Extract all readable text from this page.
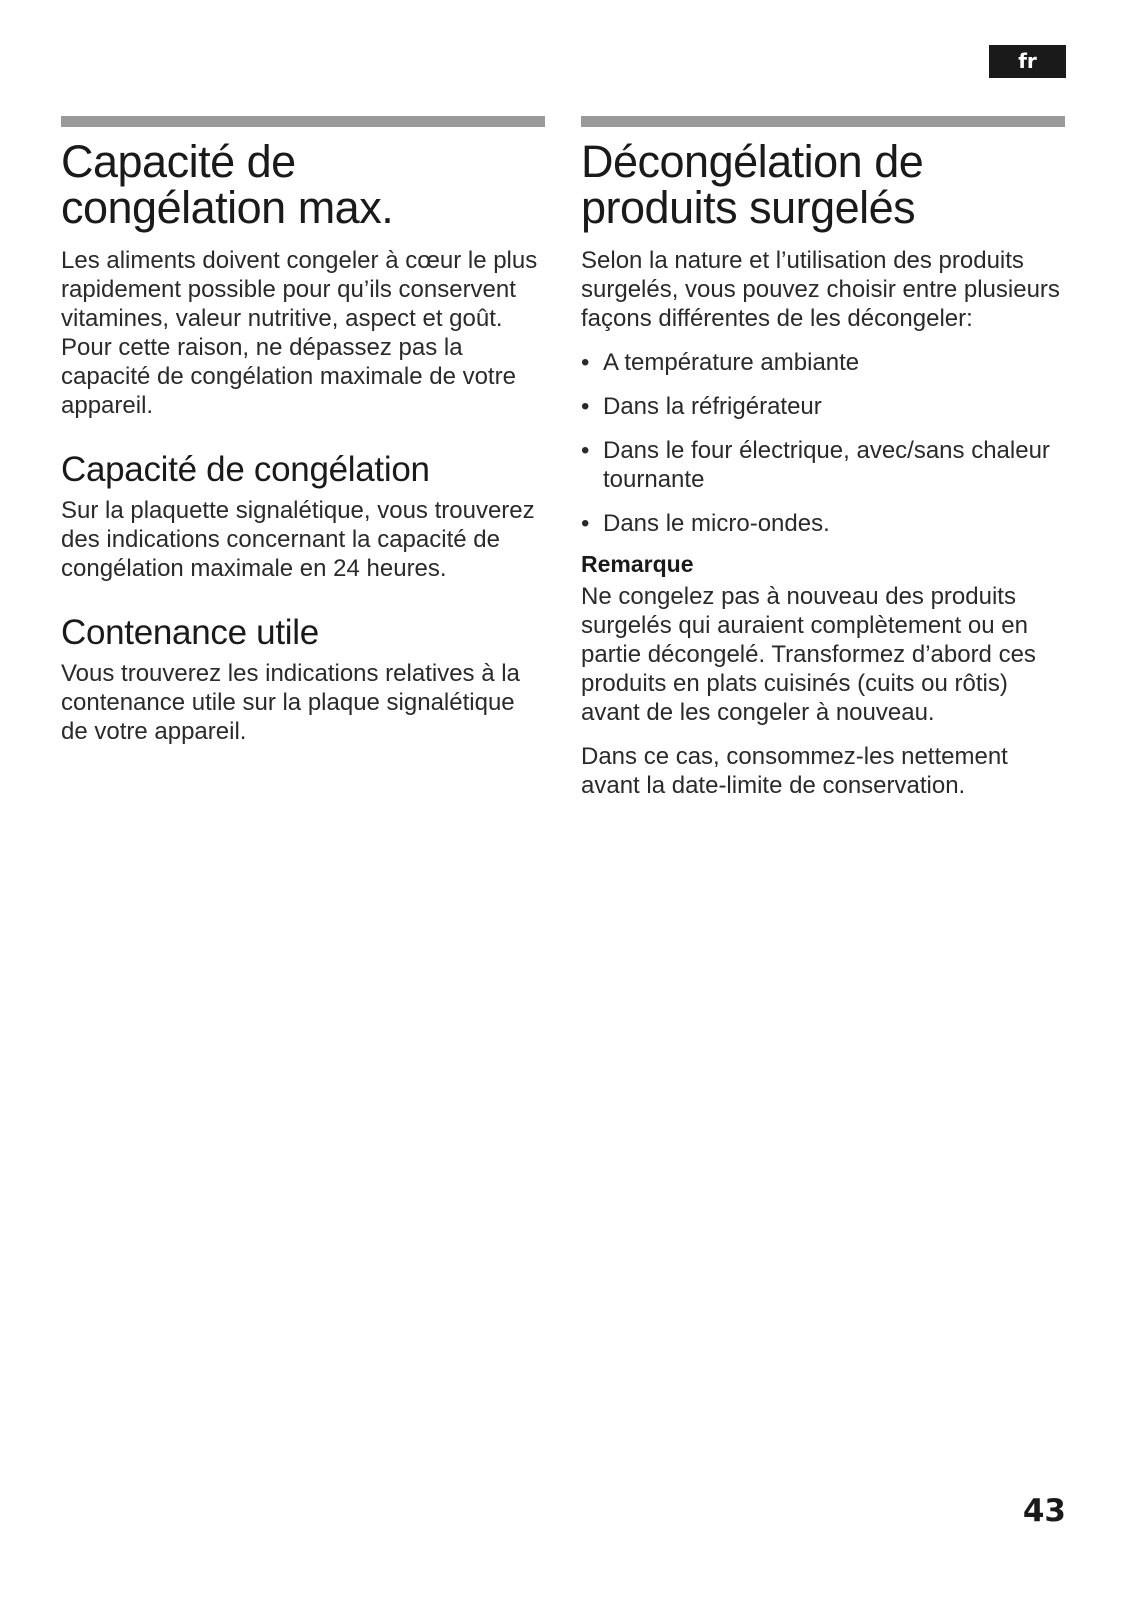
fr
Capacité de
congélation max.

Les aliments doivent congeler à cœur le plus rapidement possible pour qu’ils conservent vitamines, valeur nutritive, aspect et goût. Pour cette raison, ne dépassez pas la capacité de congélation maximale de votre appareil.

Capacité de congélation

Sur la plaquette signalétique, vous trouverez des indications concernant la capacité de congélation maximale en 24 heures.

Contenance utile

Vous trouverez les indications relatives à la contenance utile sur la plaque signalétique de votre appareil.

Décongélation de
produits surgelés

Selon la nature et l’utilisation des produits surgelés, vous pouvez choisir entre plusieurs façons différentes de les décongeler:

• A température ambiante
• Dans la réfrigérateur
• Dans le four électrique, avec/sans chaleur tournante
• Dans le micro-ondes.
Remarque

Ne congelez pas à nouveau des produits surgelés qui auraient complètement ou en partie décongelé. Transformez d’abord ces produits en plats cuisinés (cuits ou rôtis) avant de les congeler à nouveau.

Dans ce cas, consommez-les nettement avant la date-limite de conservation.

43
